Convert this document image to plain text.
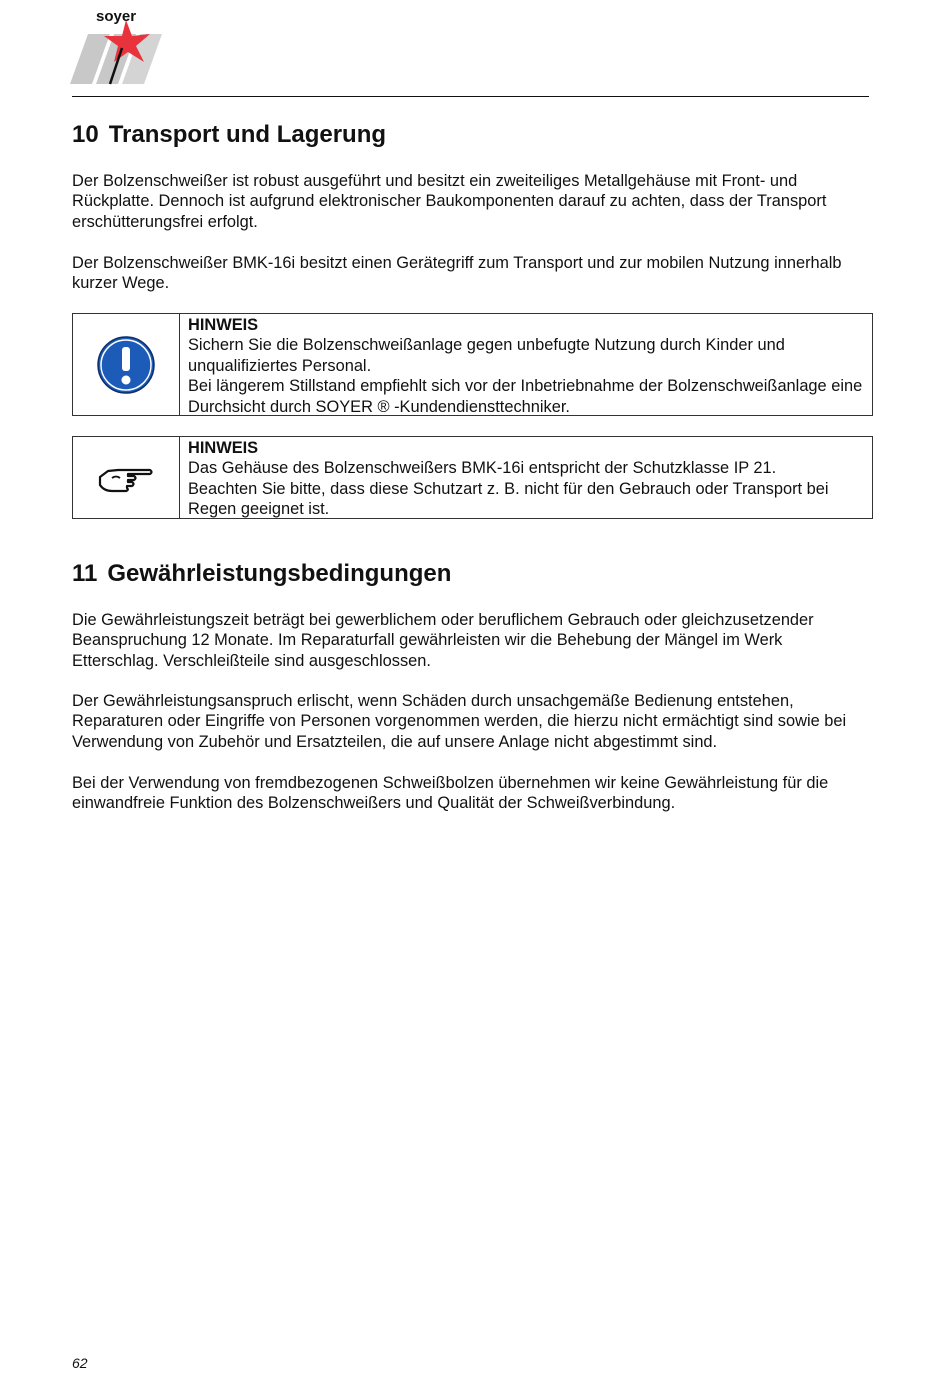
soyer
10 Transport und Lagerung

Der Bolzenschweißer ist robust ausgeführt und besitzt ein zweiteiliges Metallgehäuse mit Front- und Rückplatte. Dennoch ist aufgrund elektronischer Baukomponenten darauf zu achten, dass der Transport erschütterungsfrei erfolgt.

Der Bolzenschweißer BMK-16i besitzt einen Gerätegriff zum Transport und zur mobilen Nutzung innerhalb kurzer Wege.

HINWEIS
Sichern Sie die Bolzenschweißanlage gegen unbefugte Nutzung durch Kinder und unqualifiziertes Personal.
Bei längerem Stillstand empfiehlt sich vor der Inbetriebnahme der Bolzenschweißanlage eine Durchsicht durch SOYER ® -Kundendiensttechniker.
HINWEIS
Das Gehäuse des Bolzenschweißers BMK-16i entspricht der Schutzklasse IP 21.
Beachten Sie bitte, dass diese Schutzart z. B. nicht für den Gebrauch oder Transport bei Regen geeignet ist.
11 Gewährleistungsbedingungen

Die Gewährleistungszeit beträgt bei gewerblichem oder beruflichem Gebrauch oder gleichzusetzender Beanspruchung 12 Monate. Im Reparaturfall gewährleisten wir die Behebung der Mängel im Werk Etterschlag. Verschleißteile sind ausgeschlossen.

Der Gewährleistungsanspruch erlischt, wenn Schäden durch unsachgemäße Bedienung entstehen, Reparaturen oder Eingriffe von Personen vorgenommen werden, die hierzu nicht ermächtigt sind sowie bei Verwendung von Zubehör und Ersatzteilen, die auf unsere Anlage nicht abgestimmt sind.

Bei der Verwendung von fremdbezogenen Schweißbolzen übernehmen wir keine Gewährleistung für die einwandfreie Funktion des Bolzenschweißers und Qualität der Schweißverbindung.

62
